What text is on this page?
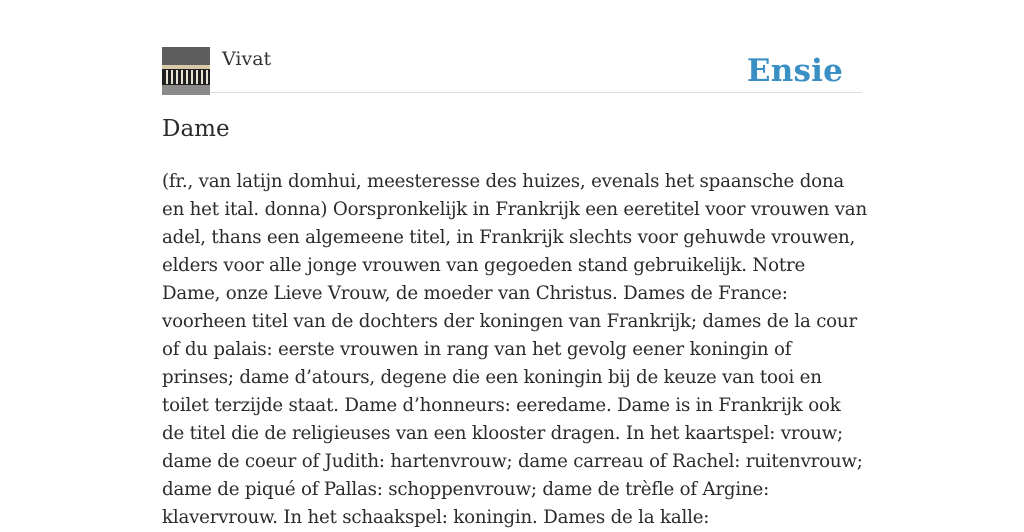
Vivat	Ensie
Dame

(fr., van latijn domhui, meesteresse des huizes, evenals het spaansche dona en het ital. donna) Oorspronkelijk in Frankrijk een eeretitel voor vrouwen van adel, thans een algemeene titel, in Frankrijk slechts voor gehuwde vrouwen, elders voor alle jonge vrouwen van gegoeden stand gebruikelijk. Notre Dame, onze Lieve Vrouw, de moeder van Christus. Dames de France: voorheen titel van de dochters der koningen van Frankrijk; dames de la cour of du palais: eerste vrouwen in rang van het gevolg eener koningin of prinses; dame d’atours, degene die een koningin bij de keuze van tooi en toilet terzijde staat. Dame d’honneurs: eeredame. Dame is in Frankrijk ook de titel die de religieuses van een klooster dragen. In het kaartspel: vrouw; dame de coeur of Judith: hartenvrouw; dame carreau of Rachel: ruitenvrouw; dame de piqué of Pallas: schoppenvrouw; dame de trèfle of Argine: klavervrouw. In het schaakspel: koningin. Dames de la kalle:
